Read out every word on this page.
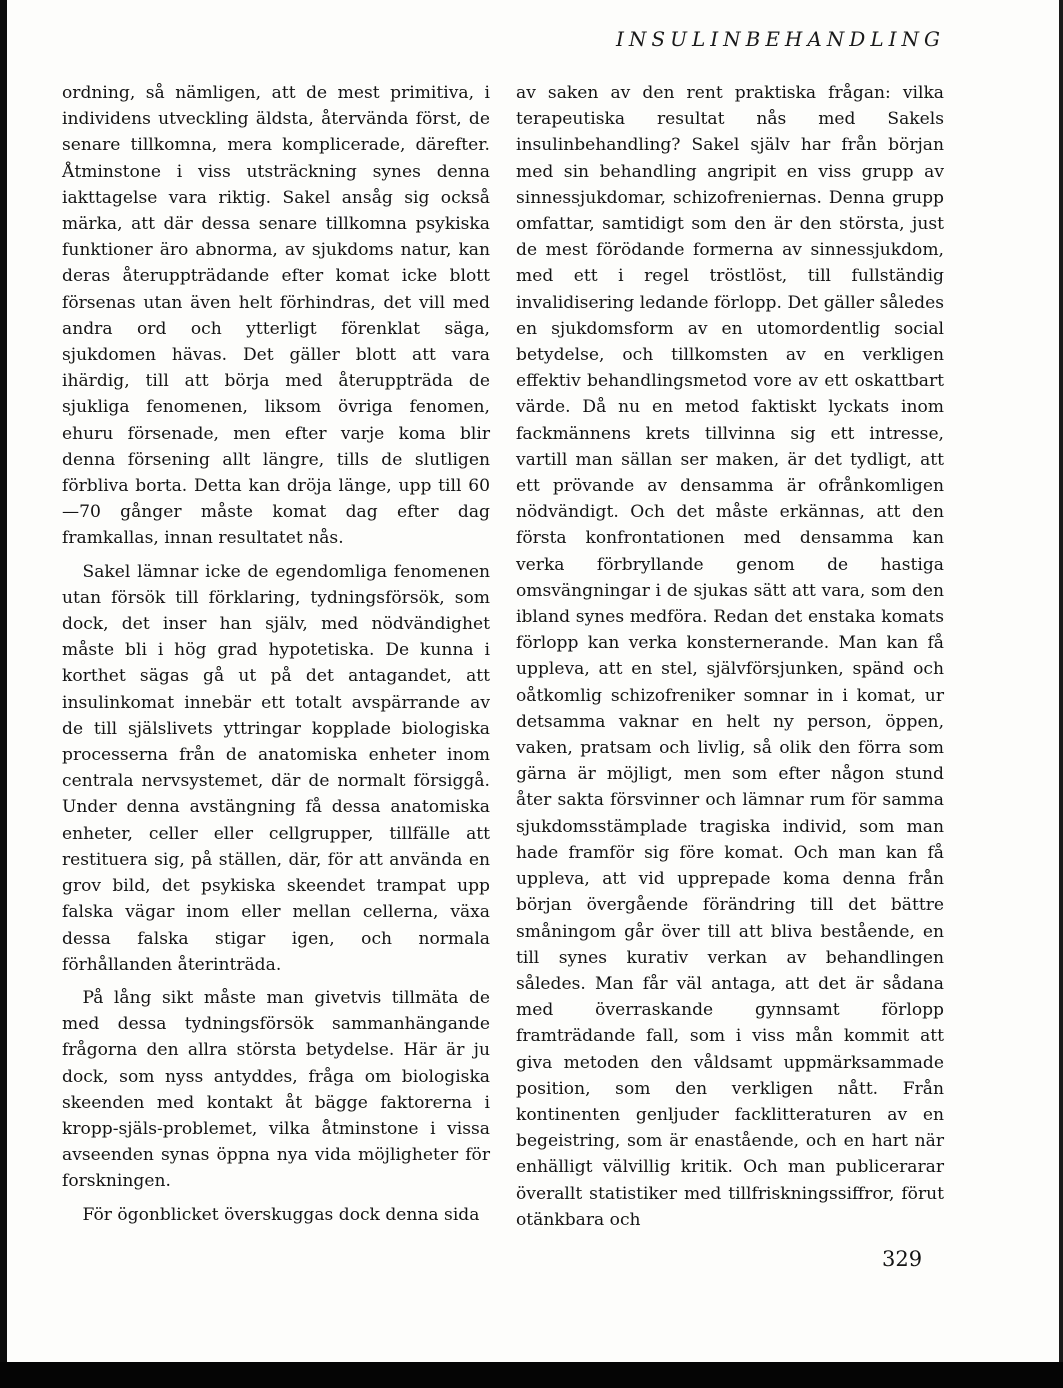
INSULINBEHANDLING

ordning, så nämligen, att de mest primitiva, i individens utveckling äldsta, återvända först, de senare tillkomna, mera komplicerade, därefter. Åtminstone i viss utsträckning synes denna iakttagelse vara riktig. Sakel ansåg sig också märka, att där dessa senare tillkomna psykiska funktioner äro abnorma, av sjukdoms natur, kan deras återuppträdande efter komat icke blott försenas utan även helt förhindras, det vill med andra ord och ytterligt förenklat säga, sjukdomen hävas. Det gäller blott att vara ihärdig, till att börja med återuppträda de sjukliga fenomenen, liksom övriga fenomen, ehuru försenade, men efter varje koma blir denna försening allt längre, tills de slutligen förbliva borta. Detta kan dröja länge, upp till 60—70 gånger måste komat dag efter dag framkallas, innan resultatet nås.

Sakel lämnar icke de egendomliga fenomenen utan försök till förklaring, tydningsförsök, som dock, det inser han själv, med nödvändighet måste bli i hög grad hypotetiska. De kunna i korthet sägas gå ut på det antagandet, att insulinkomat innebär ett totalt avspärrande av de till själslivets yttringar kopplade biologiska processerna från de anatomiska enheter inom centrala nervsystemet, där de normalt försiggå. Under denna avstängning få dessa anatomiska enheter, celler eller cellgrupper, tillfälle att restituera sig, på ställen, där, för att använda en grov bild, det psykiska skeendet trampat upp falska vägar inom eller mellan cellerna, växa dessa falska stigar igen, och normala förhållanden återinträda.

På lång sikt måste man givetvis tillmäta de med dessa tydningsförsök sammanhängande frågorna den allra största betydelse. Här är ju dock, som nyss antyddes, fråga om biologiska skeenden med kontakt åt bägge faktorerna i kropp-själs-problemet, vilka åtminstone i vissa avseenden synas öppna nya vida möjligheter för forskningen.

För ögonblicket överskuggas dock denna sida

av saken av den rent praktiska frågan: vilka terapeutiska resultat nås med Sakels insulinbehandling? Sakel själv har från början med sin behandling angripit en viss grupp av sinnessjukdomar, schizofreniernas. Denna grupp omfattar, samtidigt som den är den största, just de mest förödande formerna av sinnessjukdom, med ett i regel tröstlöst, till fullständig invalidisering ledande förlopp. Det gäller således en sjukdomsform av en utomordentlig social betydelse, och tillkomsten av en verkligen effektiv behandlingsmetod vore av ett oskattbart värde. Då nu en metod faktiskt lyckats inom fackmännens krets tillvinna sig ett intresse, vartill man sällan ser maken, är det tydligt, att ett prövande av densamma är ofrånkomligen nödvändigt. Och det måste erkännas, att den första konfrontationen med densamma kan verka förbryllande genom de hastiga omsvängningar i de sjukas sätt att vara, som den ibland synes medföra. Redan det enstaka komats förlopp kan verka konsternerande. Man kan få uppleva, att en stel, självförsjunken, spänd och oåtkomlig schizofreniker somnar in i komat, ur detsamma vaknar en helt ny person, öppen, vaken, pratsam och livlig, så olik den förra som gärna är möjligt, men som efter någon stund åter sakta försvinner och lämnar rum för samma sjukdomsstämplade tragiska individ, som man hade framför sig före komat. Och man kan få uppleva, att vid upprepade koma denna från början övergående förändring till det bättre småningom går över till att bliva bestående, en till synes kurativ verkan av behandlingen således. Man får väl antaga, att det är sådana med överraskande gynnsamt förlopp framträdande fall, som i viss mån kommit att giva metoden den våldsamt uppmärksammade position, som den verkligen nått. Från kontinenten genljuder facklitteraturen av en begeistring, som är enastående, och en hart när enhälligt välvillig kritik. Och man publicerarar överallt statistiker med tillfriskningssiffror, förut otänkbara och

329
